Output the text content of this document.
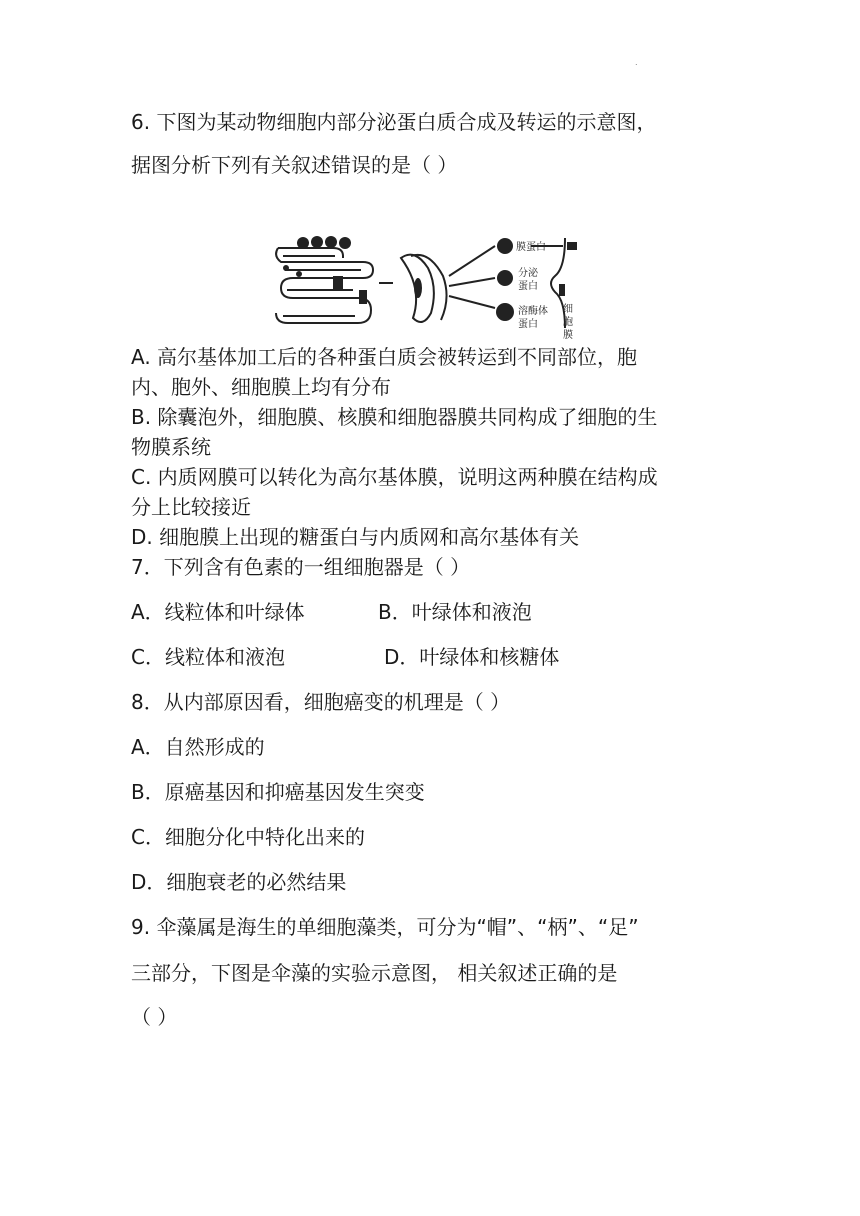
.
6. 下图为某动物细胞内部分泌蛋白质合成及转运的示意图，
据图分析下列有关叙述错误的是（ ）
膜蛋白
分泌
蛋白
溶酶体
蛋白
细
胞
膜
A. 高尔基体加工后的各种蛋白质会被转运到不同部位，胞
内、胞外、细胞膜上均有分布
B. 除囊泡外，细胞膜、核膜和细胞器膜共同构成了细胞的生
物膜系统
C. 内质网膜可以转化为高尔基体膜，说明这两种膜在结构成
分上比较接近
D. 细胞膜上出现的糖蛋白与内质网和高尔基体有关
7．下列含有色素的一组细胞器是（ ）
A．线粒体和叶绿体	B．叶绿体和液泡
C．线粒体和液泡	D．叶绿体和核糖体
8．从内部原因看，细胞癌变的机理是（ ）
A．自然形成的
B．原癌基因和抑癌基因发生突变
C．细胞分化中特化出来的
D．细胞衰老的必然结果
9. 伞藻属是海生的单细胞藻类，可分为“帽”、“柄”、“足”
三部分，下图是伞藻的实验示意图， 相关叙述正确的是
（ ）
